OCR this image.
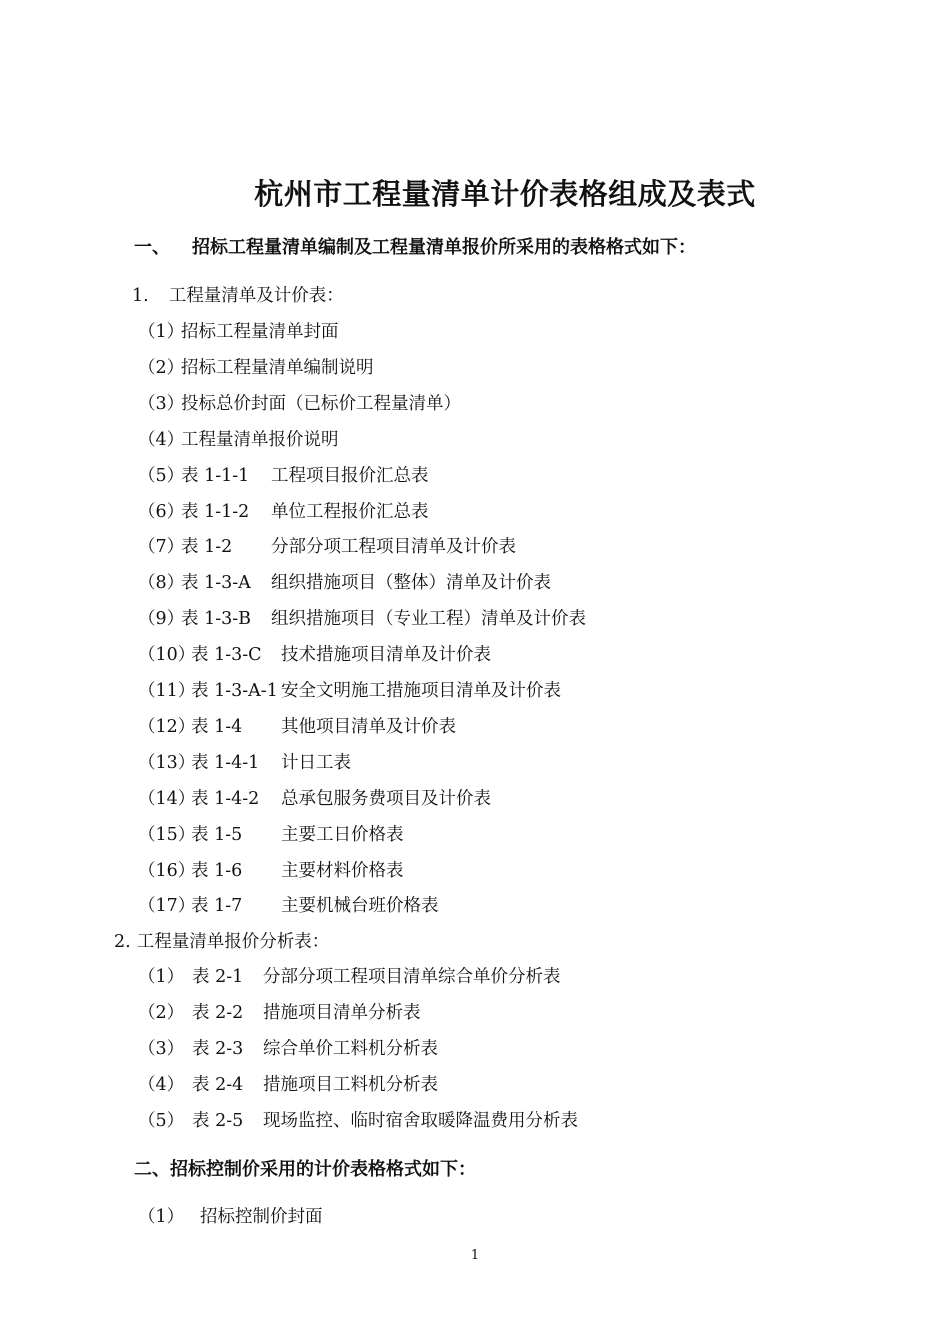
杭州市工程量清单计价表格组成及表式
一、 招标工程量清单编制及工程量清单报价所采用的表格格式如下：
1. 工程量清单及计价表：
（1）招标工程量清单封面
（2）招标工程量清单编制说明
（3）投标总价封面（已标价工程量清单）
（4）工程量清单报价说明
（5）表 1-1-1 工程项目报价汇总表
（6）表 1-1-2 单位工程报价汇总表
（7）表 1-2 分部分项工程项目清单及计价表
（8）表 1-3-A 组织措施项目（整体）清单及计价表
（9）表 1-3-B 组织措施项目（专业工程）清单及计价表
（10）表 1-3-C 技术措施项目清单及计价表
（11）表 1-3-A-1 安全文明施工措施项目清单及计价表
（12）表 1-4 其他项目清单及计价表
（13）表 1-4-1 计日工表
（14）表 1-4-2 总承包服务费项目及计价表
（15）表 1-5 主要工日价格表
（16）表 1-6 主要材料价格表
（17）表 1-7 主要机械台班价格表
2. 工程量清单报价分析表：
（1） 表 2-1 分部分项工程项目清单综合单价分析表
（2） 表 2-2 措施项目清单分析表
（3） 表 2-3 综合单价工料机分析表
（4） 表 2-4 措施项目工料机分析表
（5） 表 2-5 现场监控、临时宿舍取暖降温费用分析表
二、招标控制价采用的计价表格格式如下：
（1） 招标控制价封面
1
